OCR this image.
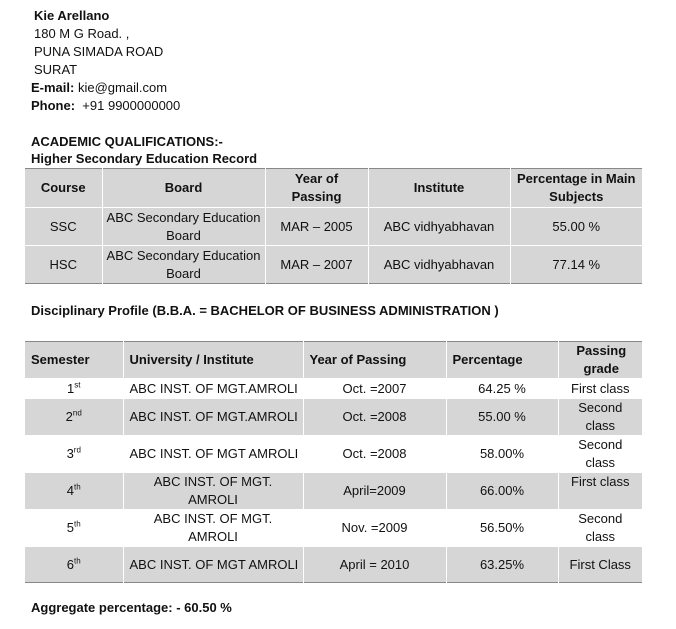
Kie Arellano
180 M G Road. ,
PUNA SIMADA ROAD
SURAT
E-mail: kie@gmail.com
Phone: +91 9900000000
ACADEMIC QUALIFICATIONS:-
Higher Secondary Education Record
Course	Board	Year of Passing	Institute	Percentage in Main Subjects
SSC	ABC Secondary Education Board	MAR – 2005	ABC vidhyabhavan	55.00 %
HSC	ABC Secondary Education Board	MAR – 2007	ABC vidhyabhavan	77.14 %
Disciplinary Profile (B.B.A. = BACHELOR OF BUSINESS ADMINISTRATION )
Semester	University / Institute	Year of Passing	Percentage	Passing grade
1st	ABC INST. OF MGT.AMROLI	Oct. =2007	64.25 %	First class
2nd	ABC INST. OF MGT.AMROLI	Oct. =2008	55.00 %	Second class
3rd	ABC INST. OF MGT AMROLI	Oct. =2008	58.00%	Second class
4th	ABC INST. OF MGT. AMROLI	April=2009	66.00%	First class
5th	ABC INST. OF MGT. AMROLI	Nov. =2009	56.50%	Second class
6th	ABC INST. OF MGT AMROLI	April = 2010	63.25%	First Class
Aggregate percentage: - 60.50 %
